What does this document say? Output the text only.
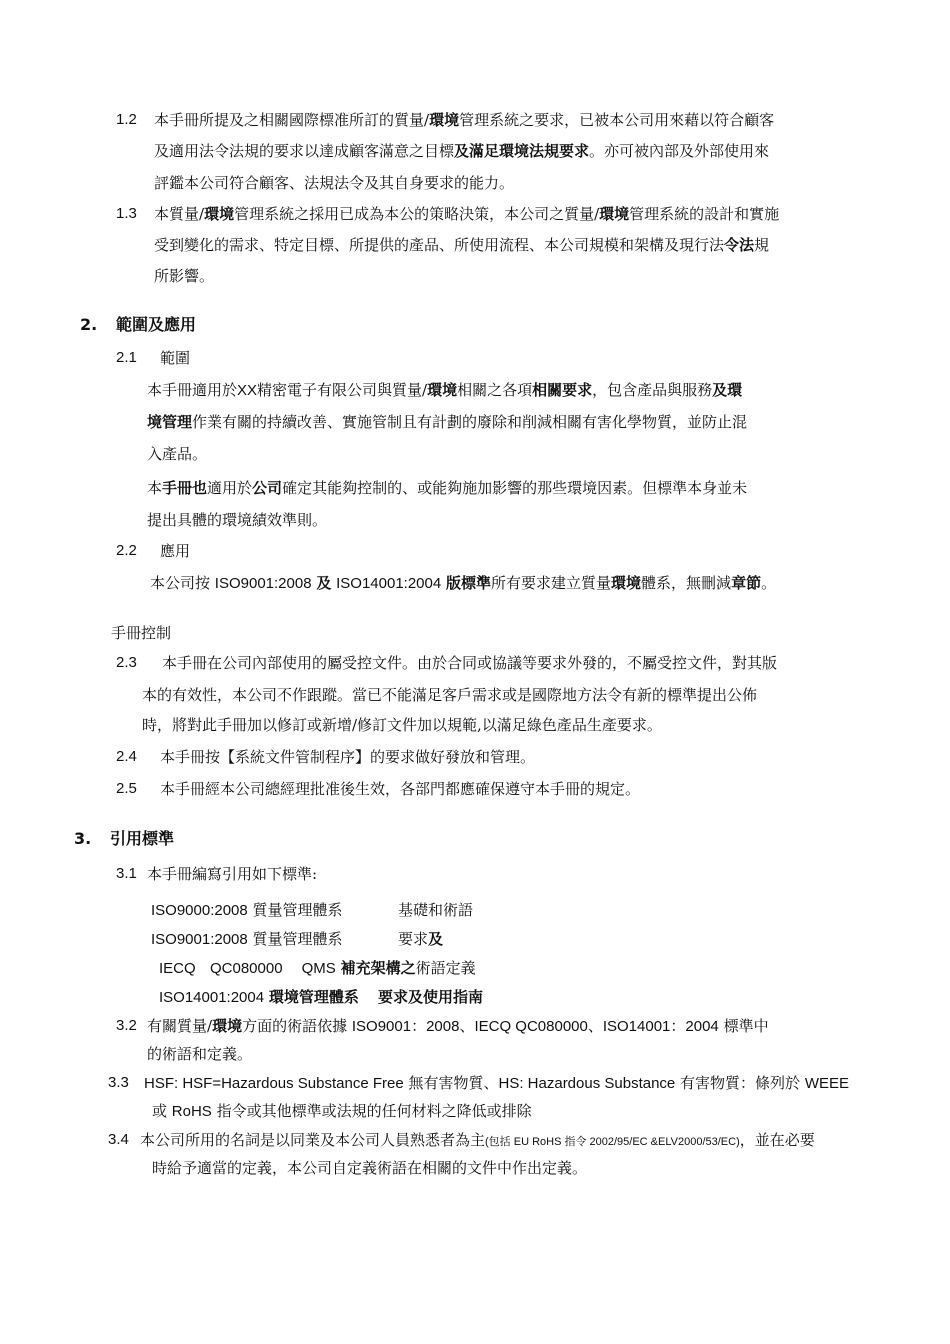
1.2 本手冊所提及之相關國際標准所訂的質量/環境管理系統之要求，已被本公司用來藉以符合顧客
及適用法令法規的要求以達成顧客滿意之目標及滿足環境法規要求。亦可被內部及外部使用來
評鑑本公司符合顧客、法規法令及其自身要求的能力。
1.3 本質量/環境管理系統之採用已成為本公的策略決策，本公司之質量/環境管理系統的設計和實施
受到變化的需求、特定目標、所提供的產品、所使用流程、本公司規模和架構及現行法令法規
所影響。
2. 範圍及應用
2.1 範圍
本手冊適用於XX精密電子有限公司與質量/環境相關之各項相關要求，包含產品與服務及環
境管理作業有關的持續改善、實施管制且有計劃的廢除和削減相關有害化學物質，並防止混
入產品。
本手冊也適用於公司確定其能夠控制的、或能夠施加影響的那些環境因素。但標準本身並未
提出具體的環境績效準則。
2.2 應用
本公司按 ISO9001:2008 及 ISO14001:2004 版標準所有要求建立質量環境體系，無刪減章節。
手冊控制
2.3 本手冊在公司內部使用的屬受控文件。由於合同或協議等要求外發的，不屬受控文件，對其版
本的有效性，本公司不作跟蹤。當已不能滿足客戶需求或是國際地方法令有新的標準提出公佈
時，將對此手冊加以修訂或新增/修訂文件加以規範,以滿足綠色產品生產要求。
2.4 本手冊按【系統文件管制程序】的要求做好發放和管理。
2.5 本手冊經本公司總經理批准後生效，各部門都應確保遵守本手冊的規定。
3. 引用標準
3.1 本手冊編寫引用如下標準:
ISO9000:2008 質量管理體系	基礎和術語
ISO9001:2008 質量管理體系	要求及
IECQ QC080000 QMS 補充架構之術語定義
ISO14001:2004 環境管理體系 要求及使用指南
3.2 有關質量/環境方面的術語依據 ISO9001：2008、IECQ QC080000、ISO14001：2004 標準中
的術語和定義。
3.3 HSF: HSF=Hazardous Substance Free 無有害物質、HS: Hazardous Substance 有害物質：條列於 WEEE
或 RoHS 指令或其他標準或法規的任何材料之降低或排除
3.4 本公司所用的名詞是以同業及本公司人員熟悉者為主(包括 EU RoHS 指令 2002/95/EC &ELV2000/53/EC)，並在必要
時給予適當的定義，本公司自定義術語在相關的文件中作出定義。
